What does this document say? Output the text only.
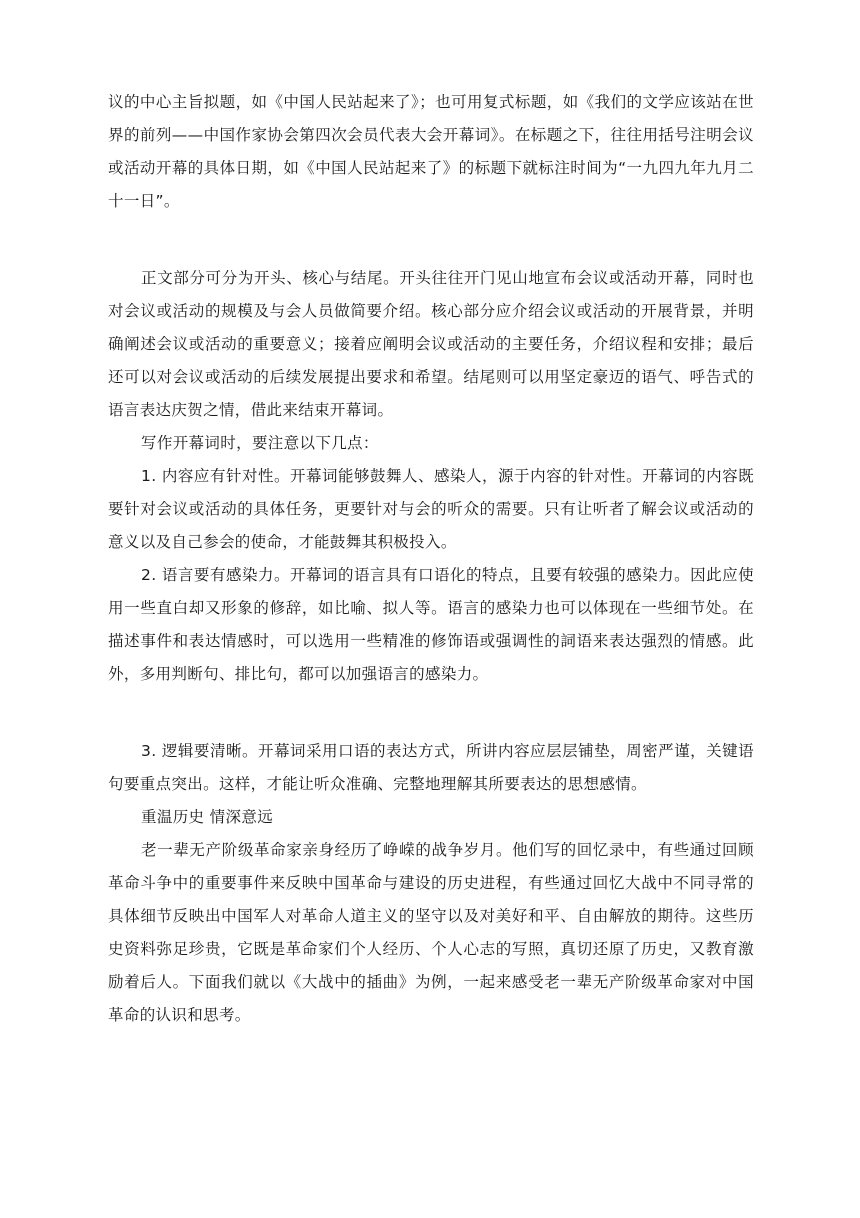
议的中心主旨拟题，如《中国人民站起来了》；也可用复式标题，如《我们的文学应该站在世界的前列——中国作家协会第四次会员代表大会开幕词》。在标题之下，往往用括号注明会议或活动开幕的具体日期，如《中国人民站起来了》的标题下就标注时间为“一九四九年九月二十一日”。

正文部分可分为开头、核心与结尾。开头往往开门见山地宣布会议或活动开幕，同时也对会议或活动的规模及与会人员做简要介绍。核心部分应介绍会议或活动的开展背景，并明确阐述会议或活动的重要意义；接着应阐明会议或活动的主要任务，介绍议程和安排；最后还可以对会议或活动的后续发展提出要求和希望。结尾则可以用坚定豪迈的语气、呼告式的语言表达庆贺之情，借此来结束开幕词。

写作开幕词时，要注意以下几点：

1. 内容应有针对性。开幕词能够鼓舞人、感染人，源于内容的针对性。开幕词的内容既要针对会议或活动的具体任务，更要针对与会的听众的需要。只有让听者了解会议或活动的意义以及自己参会的使命，才能鼓舞其积极投入。

2. 语言要有感染力。开幕词的语言具有口语化的特点，且要有较强的感染力。因此应使用一些直白却又形象的修辞，如比喻、拟人等。语言的感染力也可以体现在一些细节处。在描述事件和表达情感时，可以选用一些精准的修饰语或强调性的詞语来表达强烈的情感。此外，多用判断句、排比句，都可以加强语言的感染力。

3. 逻辑要清晰。开幕词采用口语的表达方式，所讲内容应层层铺垫，周密严谨，关键语句要重点突出。这样，才能让听众准确、完整地理解其所要表达的思想感情。

重温历史 情深意远

老一辈无产阶级革命家亲身经历了峥嵘的战争岁月。他们写的回忆录中，有些通过回顾革命斗争中的重要事件来反映中国革命与建设的历史进程，有些通过回忆大战中不同寻常的具体细节反映出中国军人对革命人道主义的坚守以及对美好和平、自由解放的期待。这些历史资料弥足珍贵，它既是革命家们个人经历、个人心志的写照，真切还原了历史，又教育激励着后人。下面我们就以《大战中的插曲》为例，一起来感受老一辈无产阶级革命家对中国革命的认识和思考。
